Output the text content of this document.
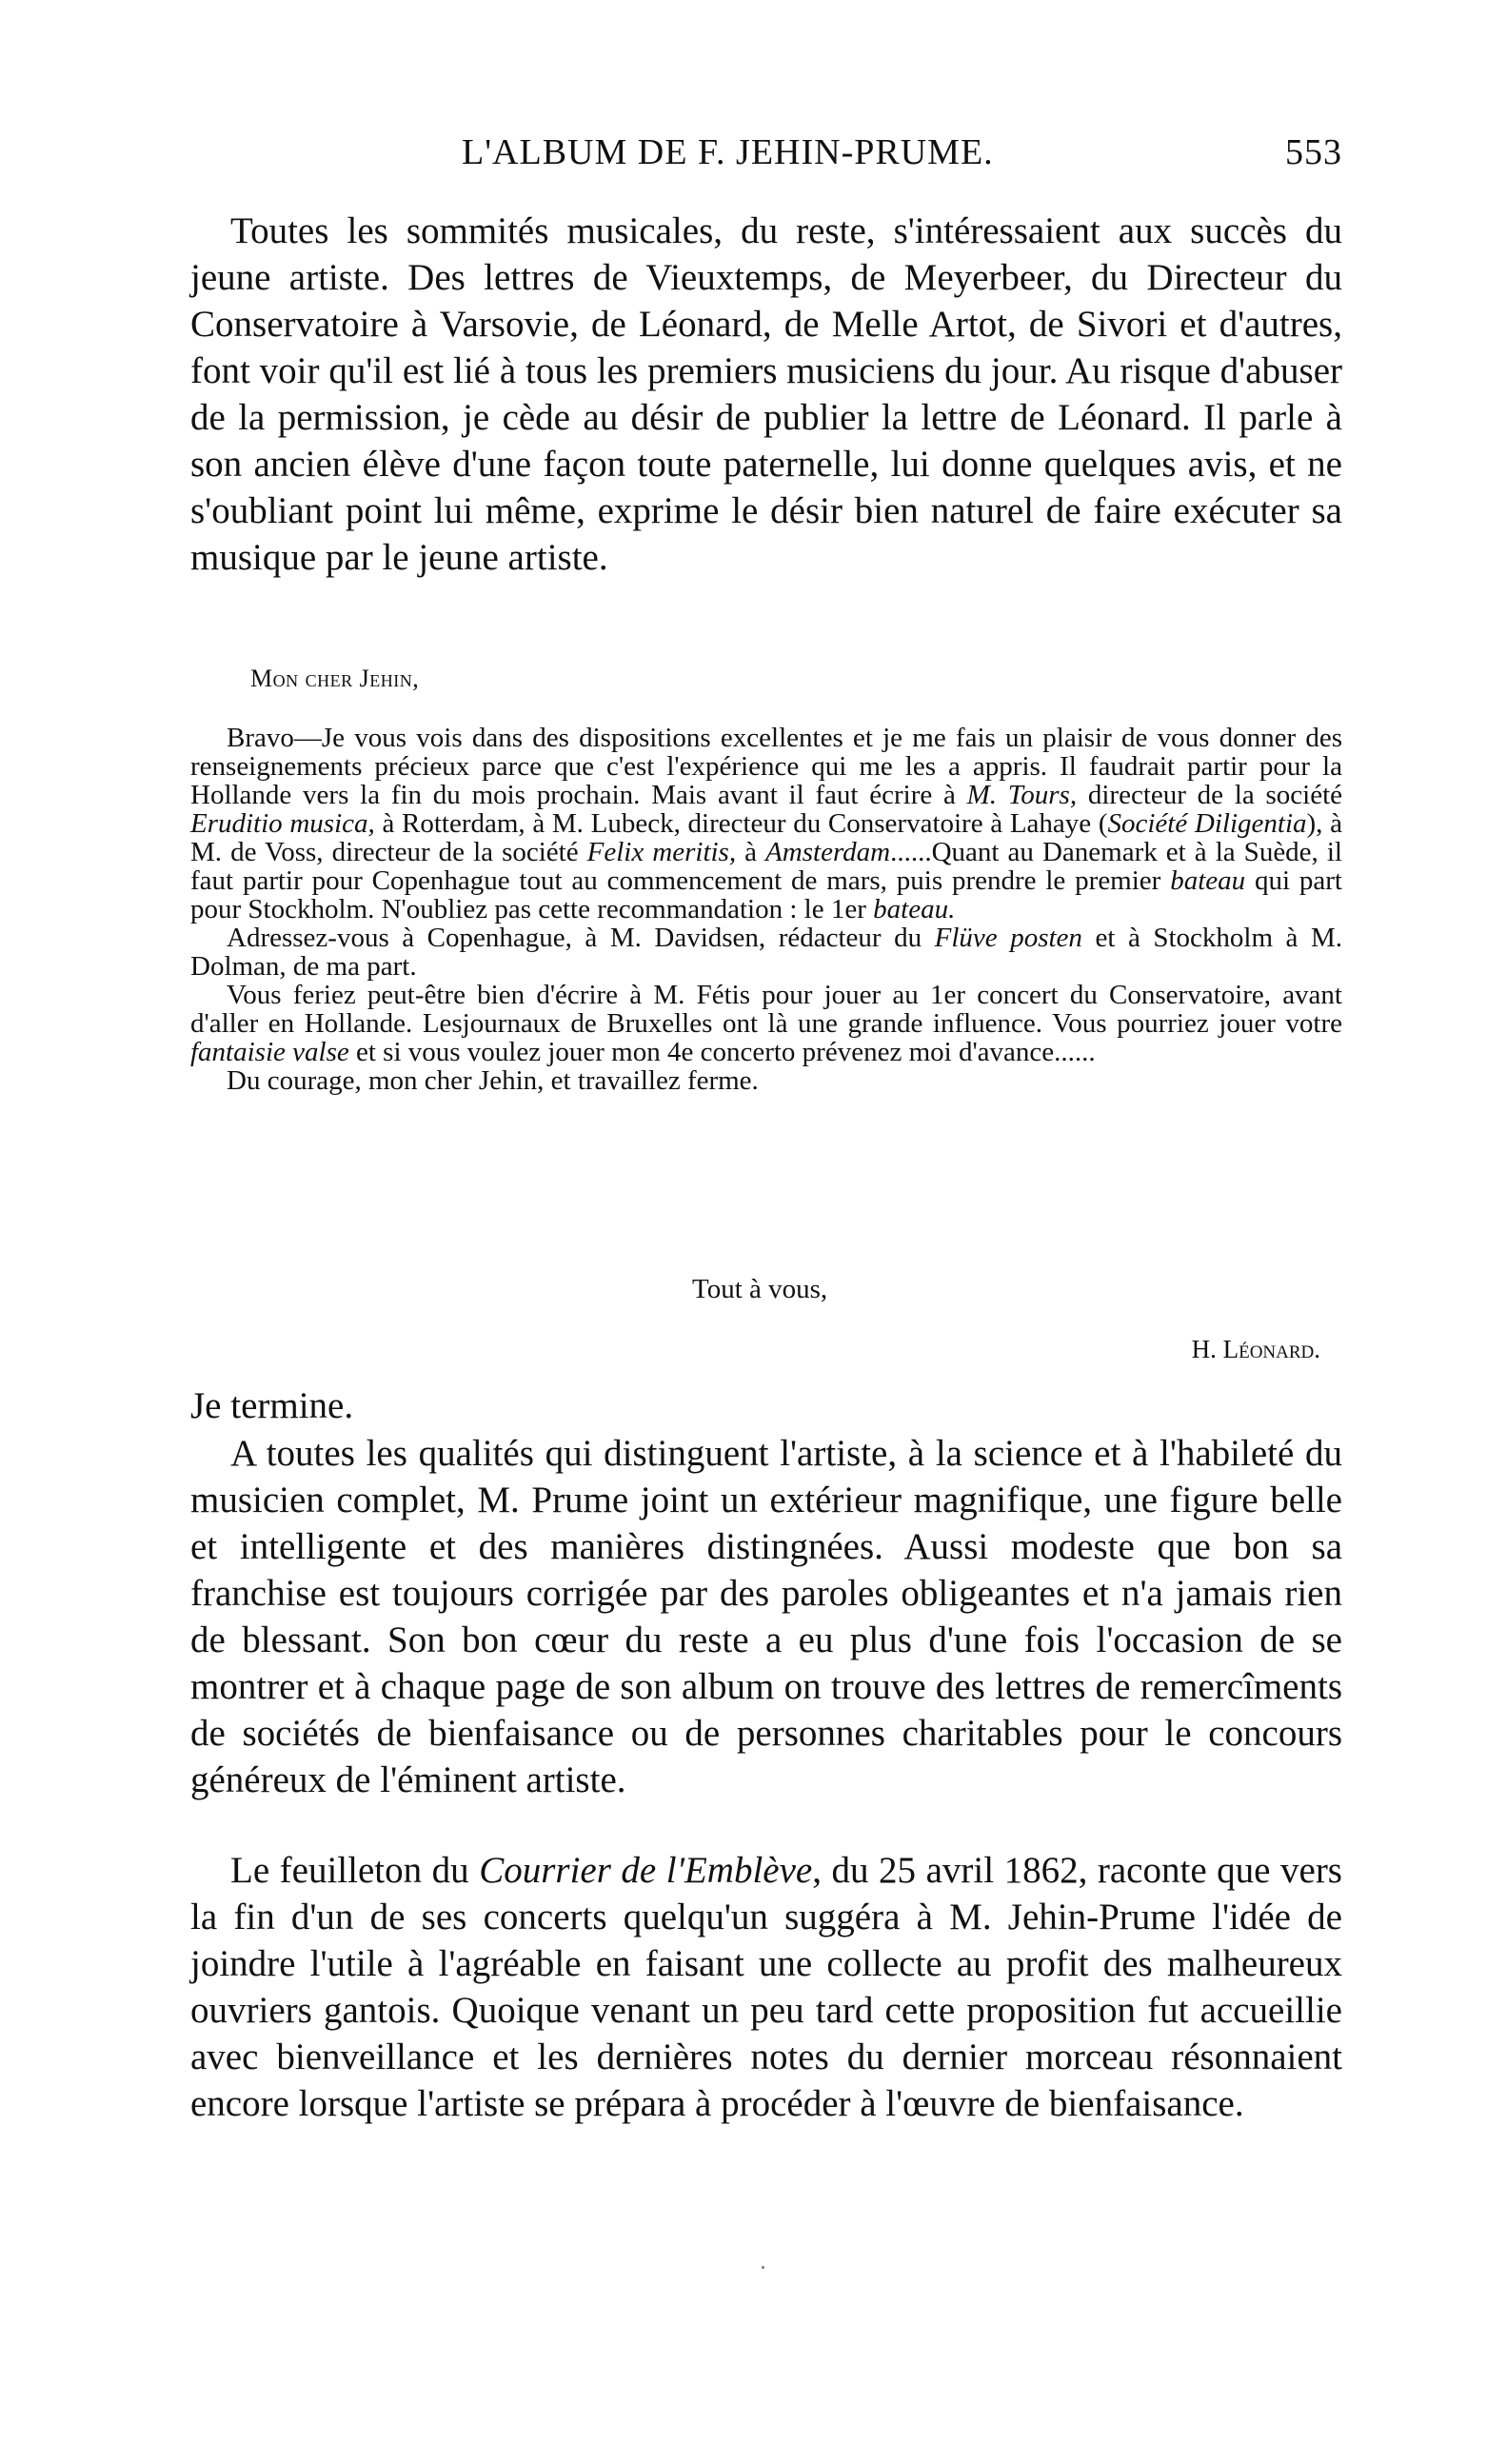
L'ALBUM DE F. JEHIN-PRUME.	553

Toutes les sommités musicales, du reste, s'intéressaient aux succès du jeune artiste. Des lettres de Vieuxtemps, de Meyerbeer, du Directeur du Conservatoire à Varsovie, de Léonard, de Melle Artot, de Sivori et d'autres, font voir qu'il est lié à tous les premiers musiciens du jour. Au risque d'abuser de la permission, je cède au désir de publier la lettre de Léonard. Il parle à son ancien élève d'une façon toute paternelle, lui donne quelques avis, et ne s'oubliant point lui même, exprime le désir bien naturel de faire exécuter sa musique par le jeune artiste.

Mon cher Jehin,

Bravo—Je vous vois dans des dispositions excellentes et je me fais un plaisir de vous donner des renseignements précieux parce que c'est l'expérience qui me les a appris. Il faudrait partir pour la Hollande vers la fin du mois prochain. Mais avant il faut écrire à M. Tours, directeur de la société Eruditio musica, à Rotterdam, à M. Lubeck, directeur du Conservatoire à Lahaye (Société Diligentia), à M. de Voss, directeur de la société Felix meritis, à Amsterdam......Quant au Danemark et à la Suède, il faut partir pour Copenhague tout au commencement de mars, puis prendre le premier bateau qui part pour Stockholm. N'oubliez pas cette recommandation : le 1er bateau.

Adressez-vous à Copenhague, à M. Davidsen, rédacteur du Flüve posten et à Stockholm à M. Dolman, de ma part.

Vous feriez peut-être bien d'écrire à M. Fétis pour jouer au 1er concert du Conservatoire, avant d'aller en Hollande. Lesjournaux de Bruxelles ont là une grande influence. Vous pourriez jouer votre fantaisie valse et si vous voulez jouer mon 4e concerto prévenez moi d'avance......

Du courage, mon cher Jehin, et travaillez ferme.

Tout à vous,
H. Léonard.

Je termine.

A toutes les qualités qui distinguent l'artiste, à la science et à l'habileté du musicien complet, M. Prume joint un extérieur magnifique, une figure belle et intelligente et des manières distingnées. Aussi modeste que bon sa franchise est toujours corrigée par des paroles obligeantes et n'a jamais rien de blessant. Son bon cœur du reste a eu plus d'une fois l'occasion de se montrer et à chaque page de son album on trouve des lettres de remercîments de sociétés de bienfaisance ou de personnes charitables pour le concours généreux de l'éminent artiste.

Le feuilleton du Courrier de l'Emblève, du 25 avril 1862, raconte que vers la fin d'un de ses concerts quelqu'un suggéra à M. Jehin-Prume l'idée de joindre l'utile à l'agréable en faisant une collecte au profit des malheureux ouvriers gantois. Quoique venant un peu tard cette proposition fut accueillie avec bienveillance et les dernières notes du dernier morceau résonnaient encore lorsque l'artiste se prépara à procéder à l'œuvre de bienfaisance.
